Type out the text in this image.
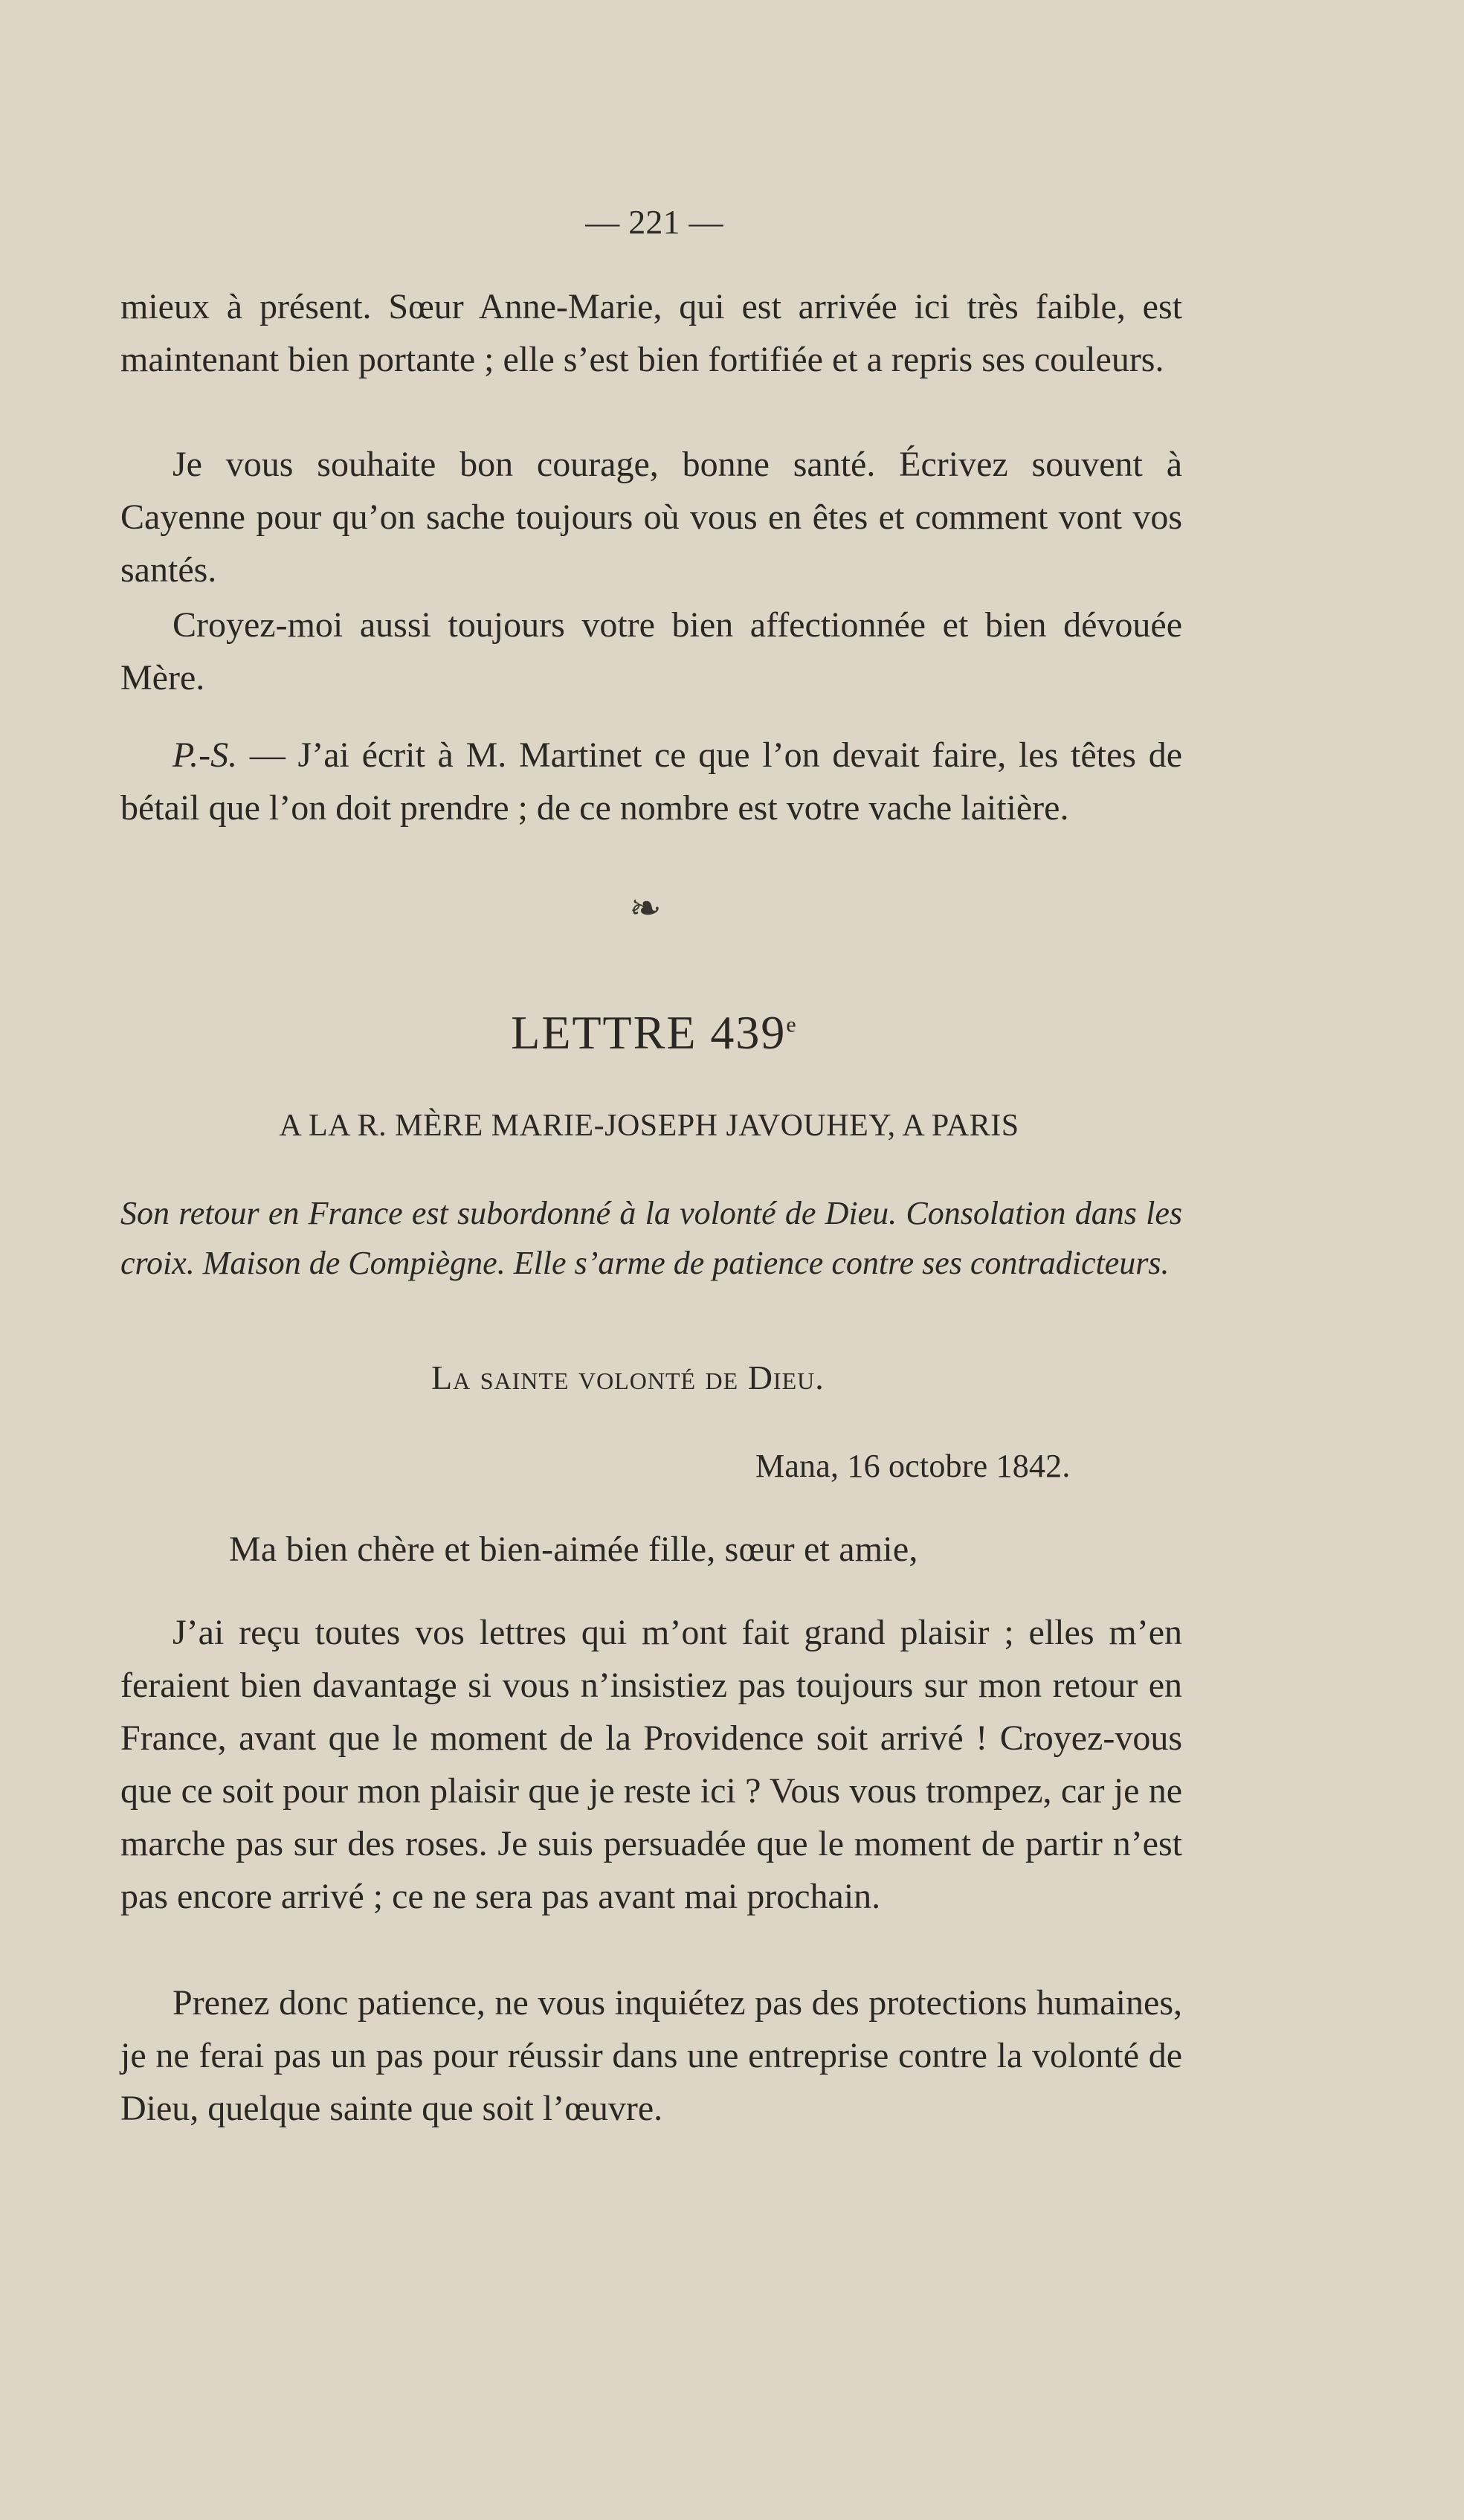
— 221 —
mieux à présent. Sœur Anne-Marie, qui est arrivée ici très faible, est maintenant bien portante ; elle s’est bien fortifiée et a repris ses couleurs.
Je vous souhaite bon courage, bonne santé. Écrivez souvent à Cayenne pour qu’on sache toujours où vous en êtes et comment vont vos santés.
Croyez-moi aussi toujours votre bien affectionnée et bien dévouée Mère.
P.-S. — J’ai écrit à M. Martinet ce que l’on devait faire, les têtes de bétail que l’on doit prendre ; de ce nombre est votre vache laitière.
❧
LETTRE 439e
A LA R. MÈRE MARIE-JOSEPH JAVOUHEY, A PARIS
Son retour en France est subordonné à la volonté de Dieu. Consolation dans les croix. Maison de Compiègne. Elle s’arme de patience contre ses contradicteurs.
La sainte volonté de Dieu.
Mana, 16 octobre 1842.
Ma bien chère et bien-aimée fille, sœur et amie,
J’ai reçu toutes vos lettres qui m’ont fait grand plaisir ; elles m’en feraient bien davantage si vous n’insistiez pas toujours sur mon retour en France, avant que le moment de la Providence soit arrivé ! Croyez-vous que ce soit pour mon plaisir que je reste ici ? Vous vous trompez, car je ne marche pas sur des roses. Je suis persuadée que le moment de partir n’est pas encore arrivé ; ce ne sera pas avant mai prochain.
Prenez donc patience, ne vous inquiétez pas des protections humaines, je ne ferai pas un pas pour réussir dans une entreprise contre la volonté de Dieu, quelque sainte que soit l’œuvre.
